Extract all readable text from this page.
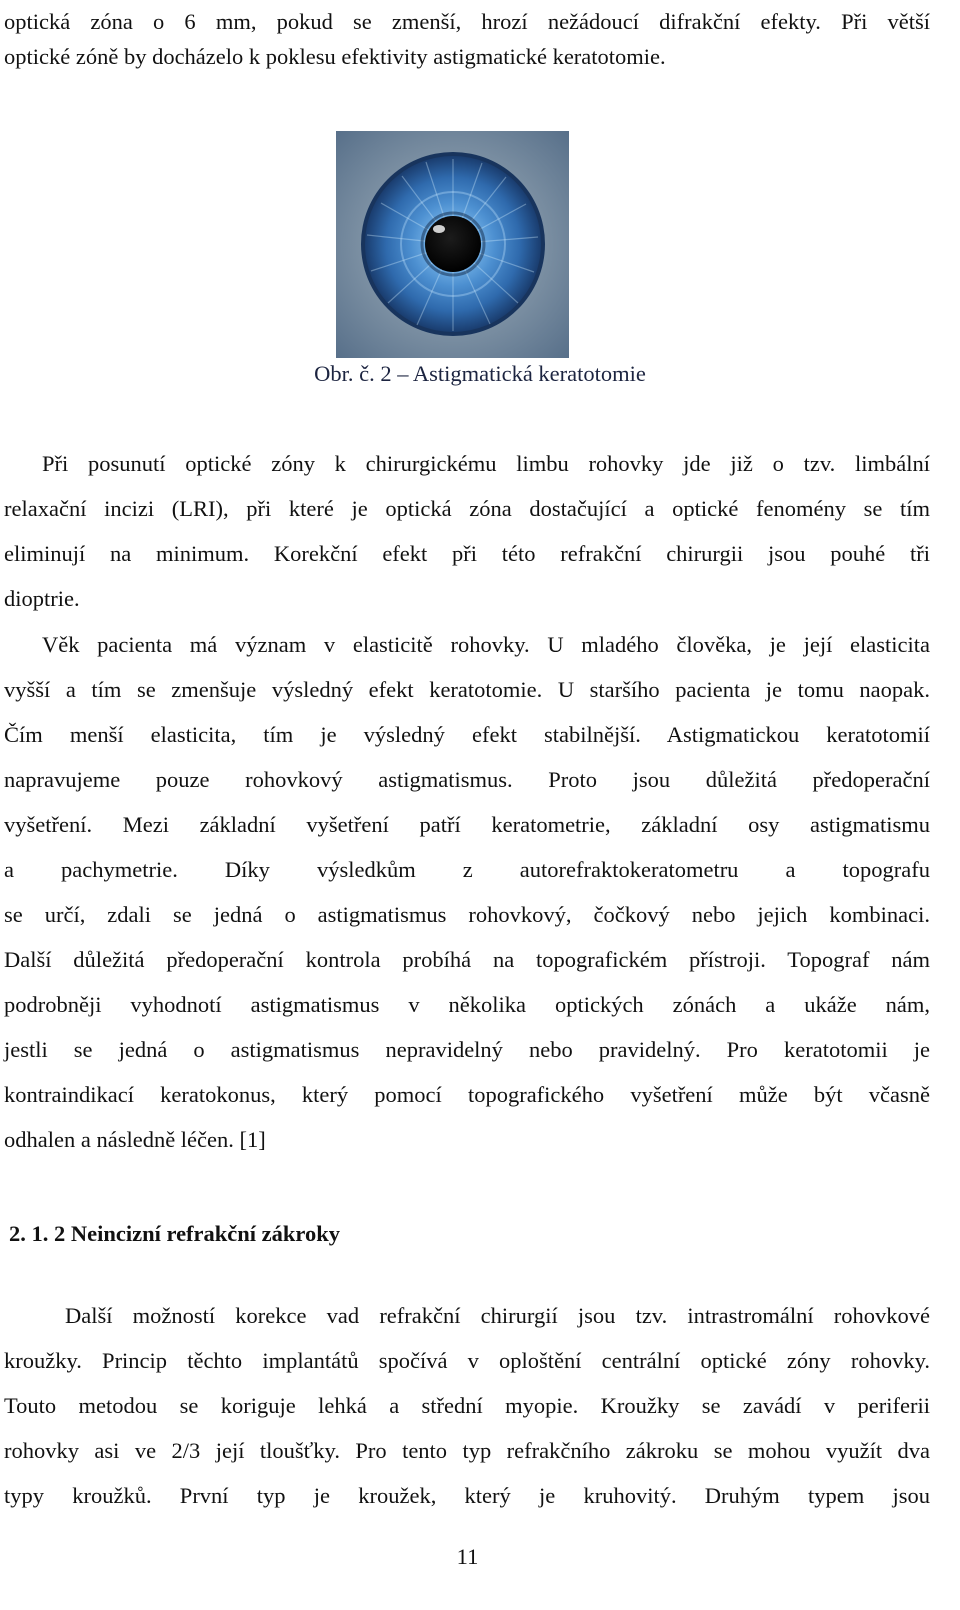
optická zóna o 6 mm, pokud se zmenší, hrozí nežádoucí difrakční efekty. Při větší
optické zóně by docházelo k poklesu efektivity astigmatické keratotomie.
Obr. č. 2 – Astigmatická keratotomie
Při posunutí optické zóny k chirurgickému limbu rohovky jde již o tzv. limbální
relaxační incizi (LRI), při které je optická zóna dostačující a optické fenomény se tím
eliminují na minimum. Korekční efekt při této refrakční chirurgii jsou pouhé tři
dioptrie.
Věk pacienta má význam v elasticitě rohovky. U mladého člověka, je její elasticita
vyšší a tím se zmenšuje výsledný efekt keratotomie. U staršího pacienta je tomu naopak.
Čím menší elasticita, tím je výsledný efekt stabilnější. Astigmatickou keratotomií
napravujeme pouze rohovkový astigmatismus. Proto jsou důležitá předoperační
vyšetření. Mezi základní vyšetření patří keratometrie, základní osy astigmatismu
a pachymetrie. Díky výsledkům z autorefraktokeratometru a topografu
se určí, zdali se jedná o astigmatismus rohovkový, čočkový nebo jejich kombinaci.
Další důležitá předoperační kontrola probíhá na topografickém přístroji. Topograf nám
podrobněji vyhodnotí astigmatismus v několika optických zónách a ukáže nám,
jestli se jedná o astigmatismus nepravidelný nebo pravidelný. Pro keratotomii je
kontraindikací keratokonus, který pomocí topografického vyšetření může být včasně
odhalen a následně léčen. [1]
2. 1. 2 Neincizní refrakční zákroky
Další možností korekce vad refrakční chirurgií jsou tzv. intrastromální rohovkové
kroužky. Princip těchto implantátů spočívá v oploštění centrální optické zóny rohovky.
Touto metodou se koriguje lehká a střední myopie. Kroužky se zavádí v periferii
rohovky asi ve 2/3 její tloušťky. Pro tento typ refrakčního zákroku se mohou využít dva
typy kroužků. První typ je kroužek, který je kruhovitý. Druhým typem jsou
11
